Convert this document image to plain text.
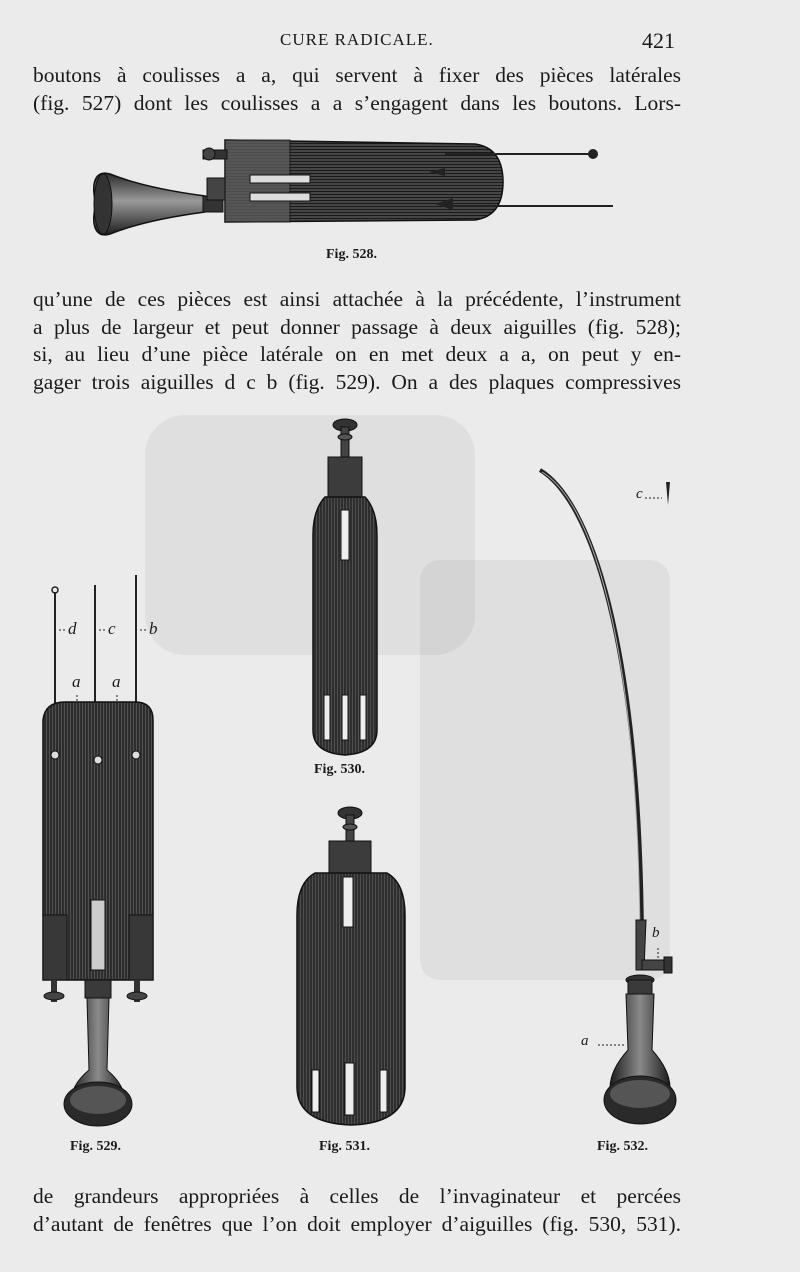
CURE RADICALE.	421
boutons à coulisses a a, qui servent à fixer des pièces latérales
(fig. 527) dont les coulisses a a s’engagent dans les boutons. Lors-
Fig. 528.
qu’une de ces pièces est ainsi attachée à la précédente, l’instrument
a plus de largeur et peut donner passage à deux aiguilles (fig. 528);
si, au lieu d’une pièce latérale on en met deux a a, on peut y en-
gager trois aiguilles d c b (fig. 529). On a des plaques compressives
Fig. 530.
d c b
a a
Fig. 529.	Fig. 531.
c
b
a
Fig. 532.
de grandeurs appropriées à celles de l’invaginateur et percées
d’autant de fenêtres que l’on doit employer d’aiguilles (fig. 530, 531).
